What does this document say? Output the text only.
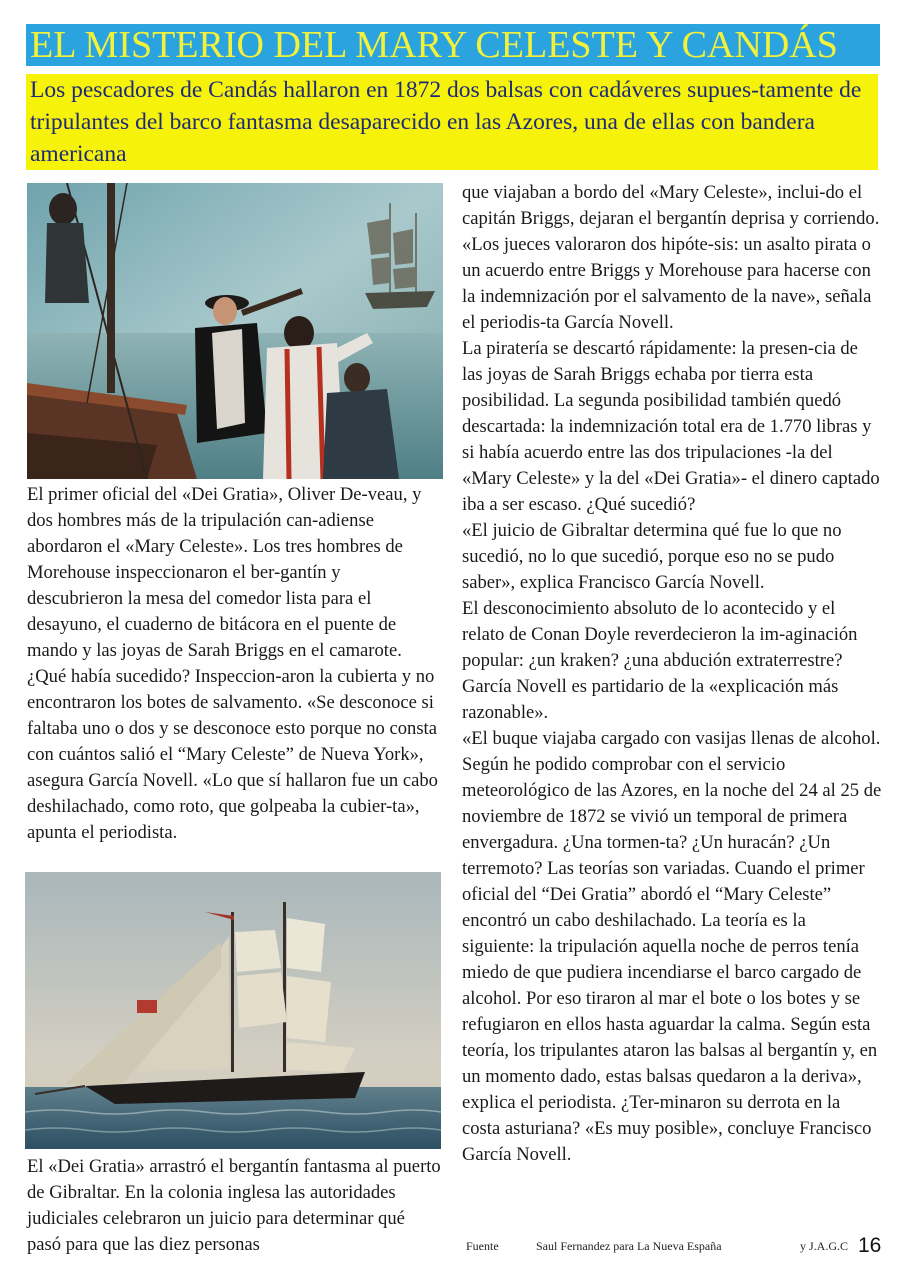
EL MISTERIO DEL MARY CELESTE Y CANDÁS
Los pescadores de Candás hallaron en 1872 dos balsas con cadáveres supues-tamente de tripulantes del barco fantasma desaparecido en las Azores, una de ellas con bandera americana

El primer oficial del «Dei Gratia», Oliver De-veau, y dos hombres más de la tripulación can-adiense abordaron el «Mary Celeste». Los tres hombres de Morehouse inspeccionaron el ber-gantín y descubrieron la mesa del comedor lista para el desayuno, el cuaderno de bitácora en el puente de mando y las joyas de Sarah Briggs en el camarote. ¿Qué había sucedido? Inspeccion-aron la cubierta y no encontraron los botes de salvamento. «Se desconoce si faltaba uno o dos y se desconoce esto porque no consta con cuántos salió el “Mary Celeste” de Nueva York», asegura García Novell. «Lo que sí hallaron fue un cabo deshilachado, como roto, que golpeaba la cubier-ta», apunta el periodista.

El «Dei Gratia» arrastró el bergantín fantasma al puerto de Gibraltar. En la colonia inglesa las autoridades judiciales celebraron un juicio para determinar qué pasó para que las diez personas

que viajaban a bordo del «Mary Celeste», inclui-do el capitán Briggs, dejaran el bergantín deprisa y corriendo. «Los jueces valoraron dos hipóte-sis: un asalto pirata o un acuerdo entre Briggs y Morehouse para hacerse con la indemnización por el salvamento de la nave», señala el periodis-ta García Novell.

La piratería se descartó rápidamente: la presen-cia de las joyas de Sarah Briggs echaba por tierra esta posibilidad. La segunda posibilidad también quedó descartada: la indemnización total era de 1.770 libras y si había acuerdo entre las dos tripulaciones -la del «Mary Celeste» y la del «Dei Gratia»- el dinero captado iba a ser escaso. ¿Qué sucedió?

«El juicio de Gibraltar determina qué fue lo que no sucedió, no lo que sucedió, porque eso no se pudo saber», explica Francisco García Novell.

El desconocimiento absoluto de lo acontecido y el relato de Conan Doyle reverdecieron la im-aginación popular: ¿un kraken? ¿una abdución extraterrestre? García Novell es partidario de la «explicación más razonable».

«El buque viajaba cargado con vasijas llenas de alcohol. Según he podido comprobar con el servicio meteorológico de las Azores, en la noche del 24 al 25 de noviembre de 1872 se vivió un temporal de primera envergadura. ¿Una tormen-ta? ¿Un huracán? ¿Un terremoto? Las teorías son variadas. Cuando el primer oficial del “Dei Gratia” abordó el “Mary Celeste” encontró un cabo deshilachado. La teoría es la siguiente: la tripulación aquella noche de perros tenía miedo de que pudiera incendiarse el barco cargado de alcohol. Por eso tiraron al mar el bote o los botes y se refugiaron en ellos hasta aguardar la calma. Según esta teoría, los tripulantes ataron las balsas al bergantín y, en un momento dado, estas balsas quedaron a la deriva», explica el periodista. ¿Ter-minaron su derrota en la costa asturiana? «Es muy posible», concluye Francisco García Novell.

Fuente	Saul Fernandez para La Nueva España	y J.A.G.C 16
